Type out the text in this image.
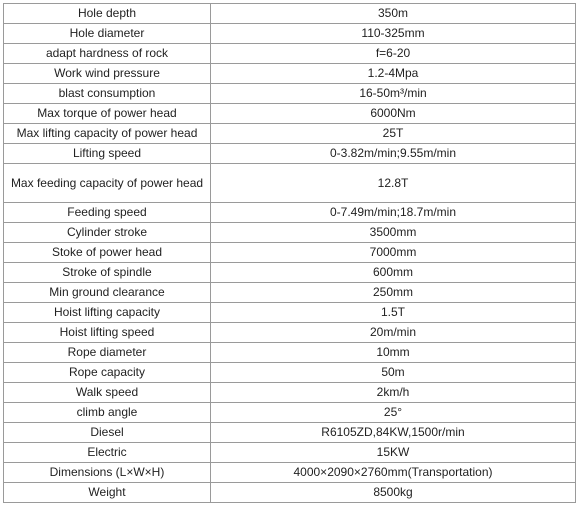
Hole depth	350m
Hole diameter	110-325mm
adapt hardness of rock	f=6-20
Work wind pressure	1.2-4Mpa
blast consumption	16-50m³/min
Max torque of power head	6000Nm
Max lifting capacity of power head	25T
Lifting speed	0-3.82m/min;9.55m/min
Max feeding capacity of power head	12.8T
Feeding speed	0-7.49m/min;18.7m/min
Cylinder stroke	3500mm
Stoke of power head	7000mm
Stroke of spindle	600mm
Min ground clearance	250mm
Hoist lifting capacity	1.5T
Hoist lifting speed	20m/min
Rope diameter	10mm
Rope capacity	50m
Walk speed	2km/h
climb angle	25°
Diesel	R6105ZD,84KW,1500r/min
Electric	15KW
Dimensions (L×W×H)	4000×2090×2760mm(Transportation)
Weight	8500kg
